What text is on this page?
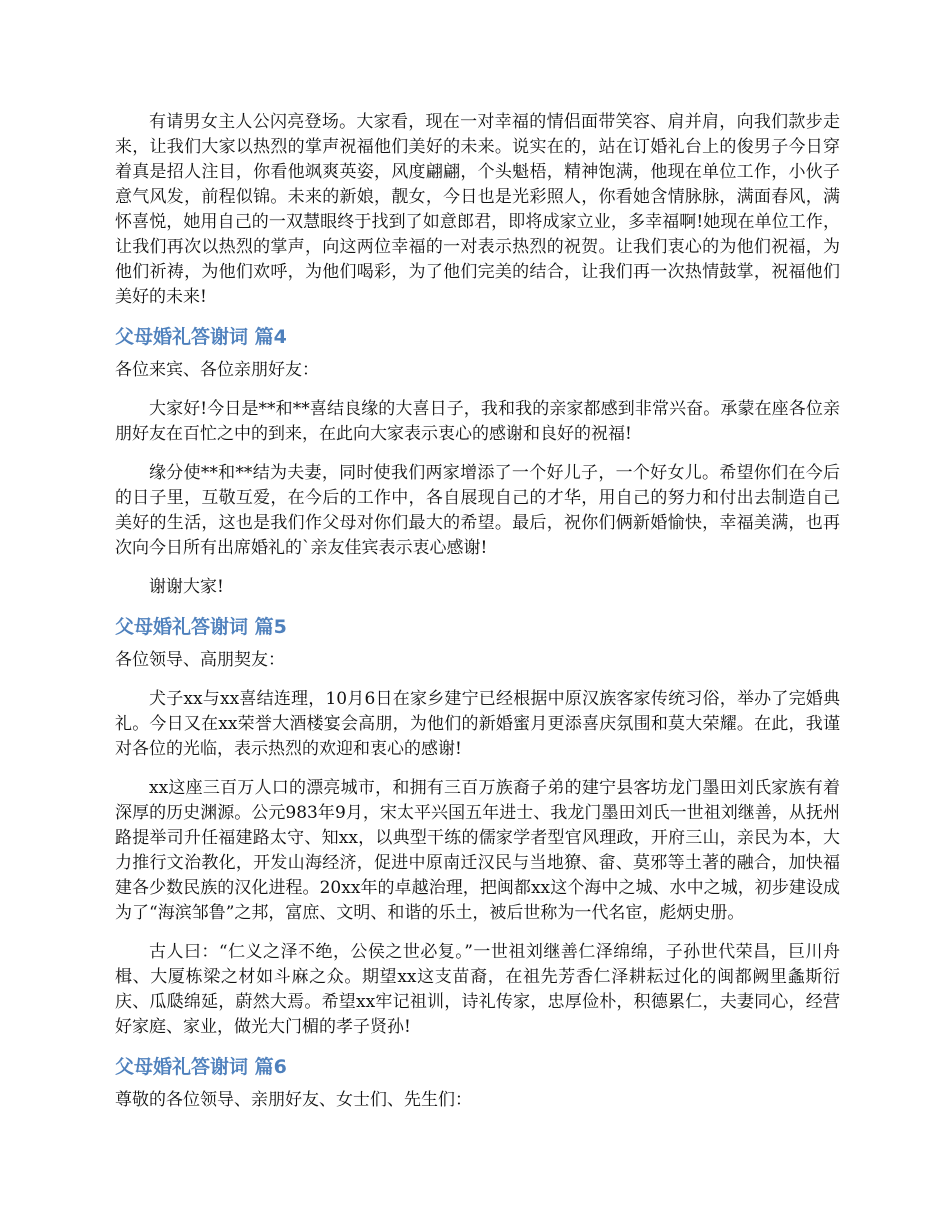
有请男女主人公闪亮登场。大家看，现在一对幸福的情侣面带笑容、肩并肩，向我们款步走来，让我们大家以热烈的掌声祝福他们美好的未来。说实在的，站在订婚礼台上的俊男子今日穿着真是招人注目，你看他飒爽英姿，风度翩翩，个头魁梧，精神饱满，他现在单位工作，小伙子意气风发，前程似锦。未来的新娘，靓女，今日也是光彩照人，你看她含情脉脉，满面春风，满怀喜悦，她用自己的一双慧眼终于找到了如意郎君，即将成家立业，多幸福啊!她现在单位工作，让我们再次以热烈的掌声，向这两位幸福的一对表示热烈的祝贺。让我们衷心的为他们祝福，为他们祈祷，为他们欢呼，为他们喝彩，为了他们完美的结合，让我们再一次热情鼓掌，祝福他们美好的未来!

父母婚礼答谢词 篇4

各位来宾、各位亲朋好友：

大家好!今日是**和**喜结良缘的大喜日子，我和我的亲家都感到非常兴奋。承蒙在座各位亲朋好友在百忙之中的到来，在此向大家表示衷心的感谢和良好的祝福!

缘分使**和**结为夫妻，同时使我们两家增添了一个好儿子，一个好女儿。希望你们在今后的日子里，互敬互爱，在今后的工作中，各自展现自己的才华，用自己的努力和付出去制造自己美好的生活，这也是我们作父母对你们最大的希望。最后，祝你们俩新婚愉快，幸福美满，也再次向今日所有出席婚礼的`亲友佳宾表示衷心感谢!

谢谢大家!

父母婚礼答谢词 篇5

各位领导、高朋契友：

犬子xx与xx喜结连理，10月6日在家乡建宁已经根据中原汉族客家传统习俗，举办了完婚典礼。今日又在xx荣誉大酒楼宴会高朋，为他们的新婚蜜月更添喜庆氛围和莫大荣耀。在此，我谨对各位的光临，表示热烈的欢迎和衷心的感谢!

xx这座三百万人口的漂亮城市，和拥有三百万族裔子弟的建宁县客坊龙门墨田刘氏家族有着深厚的历史渊源。公元983年9月，宋太平兴国五年进士、我龙门墨田刘氏一世祖刘继善，从抚州路提举司升任福建路太守、知xx，以典型干练的儒家学者型官风理政，开府三山，亲民为本，大力推行文治教化，开发山海经济，促进中原南迁汉民与当地獠、畲、莫邪等土著的融合，加快福建各少数民族的汉化进程。20xx年的卓越治理，把闽都xx这个海中之城、水中之城，初步建设成为了“海滨邹鲁”之邦，富庶、文明、和谐的乐土，被后世称为一代名宦，彪炳史册。

古人曰：“仁义之泽不绝，公侯之世必复。”一世祖刘继善仁泽绵绵，子孙世代荣昌，巨川舟楫、大厦栋梁之材如斗麻之众。期望xx这支苗裔，在祖先芳香仁泽耕耘过化的闽都阙里螽斯衍庆、瓜瓞绵延，蔚然大焉。希望xx牢记祖训，诗礼传家，忠厚俭朴，积德累仁，夫妻同心，经营好家庭、家业，做光大门楣的孝子贤孙!

父母婚礼答谢词 篇6

尊敬的各位领导、亲朋好友、女士们、先生们：
